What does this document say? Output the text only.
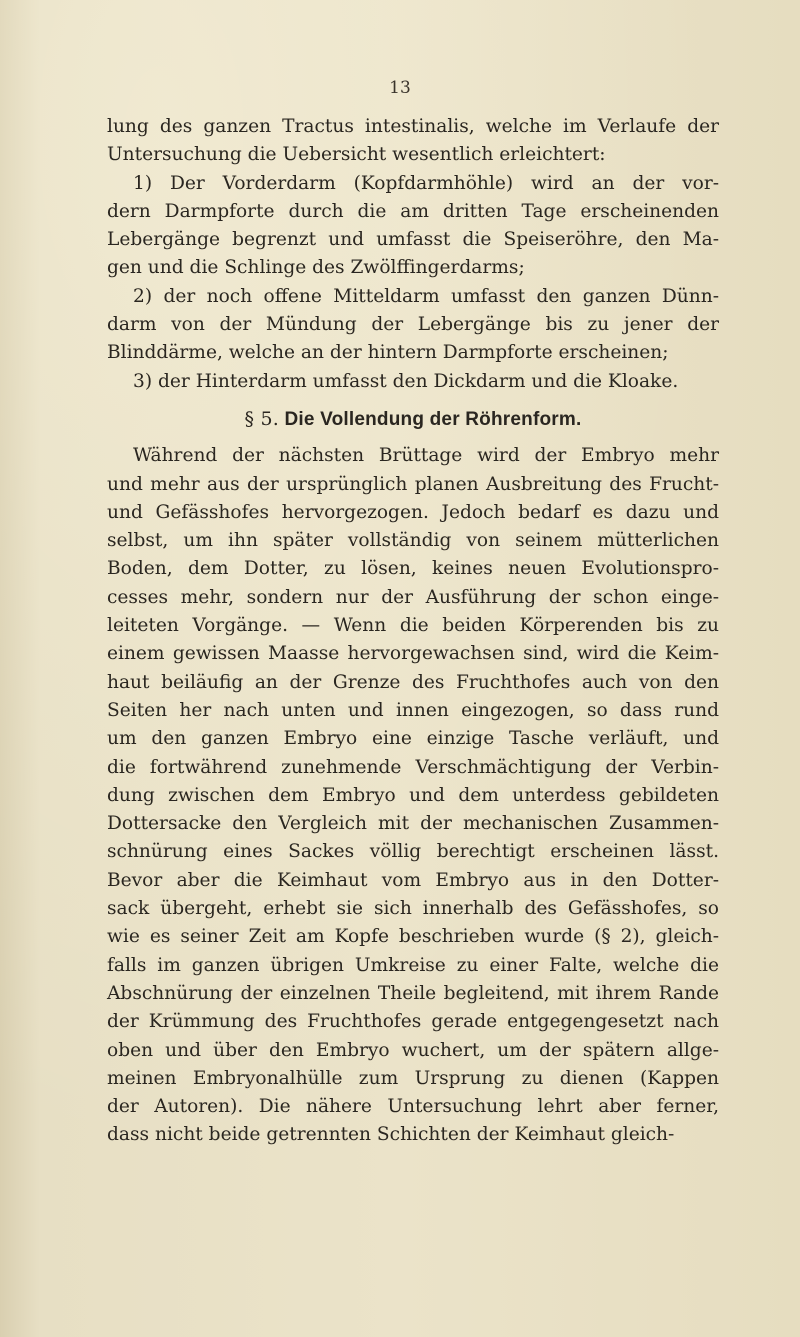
13
lung des ganzen Tractus intestinalis, welche im Verlaufe der
Untersuchung die Uebersicht wesentlich erleichtert:
1) Der Vorderdarm (Kopfdarmhöhle) wird an der vor-
dern Darmpforte durch die am dritten Tage erscheinenden
Lebergänge begrenzt und umfasst die Speiseröhre, den Ma-
gen und die Schlinge des Zwölffingerdarms;
2) der noch offene Mitteldarm umfasst den ganzen Dünn-
darm von der Mündung der Lebergänge bis zu jener der
Blinddärme, welche an der hintern Darmpforte erscheinen;
3) der Hinterdarm umfasst den Dickdarm und die Kloake.
§ 5. Die Vollendung der Röhrenform.
Während der nächsten Brüttage wird der Embryo mehr
und mehr aus der ursprünglich planen Ausbreitung des Frucht-
und Gefässhofes hervorgezogen. Jedoch bedarf es dazu und
selbst, um ihn später vollständig von seinem mütterlichen
Boden, dem Dotter, zu lösen, keines neuen Evolutionspro-
cesses mehr, sondern nur der Ausführung der schon einge-
leiteten Vorgänge. — Wenn die beiden Körperenden bis zu
einem gewissen Maasse hervorgewachsen sind, wird die Keim-
haut beiläufig an der Grenze des Fruchthofes auch von den
Seiten her nach unten und innen eingezogen, so dass rund
um den ganzen Embryo eine einzige Tasche verläuft, und
die fortwährend zunehmende Verschmächtigung der Verbin-
dung zwischen dem Embryo und dem unterdess gebildeten
Dottersacke den Vergleich mit der mechanischen Zusammen-
schnürung eines Sackes völlig berechtigt erscheinen lässt.
Bevor aber die Keimhaut vom Embryo aus in den Dotter-
sack übergeht, erhebt sie sich innerhalb des Gefässhofes, so
wie es seiner Zeit am Kopfe beschrieben wurde (§ 2), gleich-
falls im ganzen übrigen Umkreise zu einer Falte, welche die
Abschnürung der einzelnen Theile begleitend, mit ihrem Rande
der Krümmung des Fruchthofes gerade entgegengesetzt nach
oben und über den Embryo wuchert, um der spätern allge-
meinen Embryonalhülle zum Ursprung zu dienen (Kappen
der Autoren). Die nähere Untersuchung lehrt aber ferner,
dass nicht beide getrennten Schichten der Keimhaut gleich-
